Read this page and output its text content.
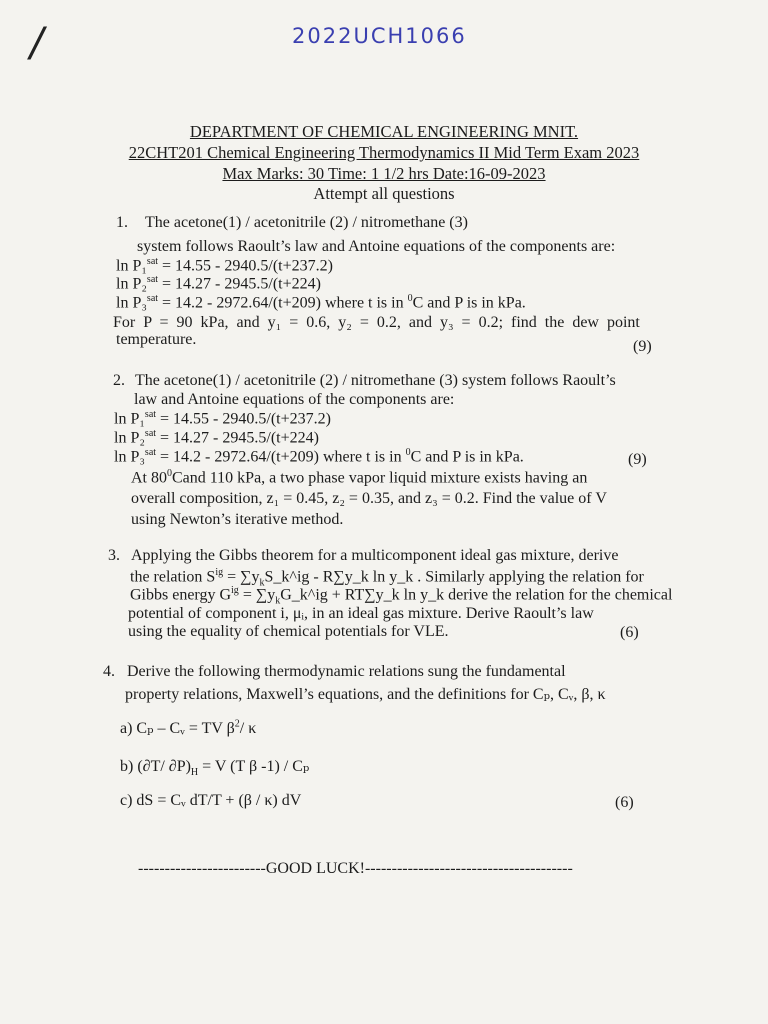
/	2022UCH1066
DEPARTMENT OF CHEMICAL ENGINEERING MNIT.
22CHT201 Chemical Engineering Thermodynamics II Mid Term Exam 2023
Max Marks: 30 Time: 1 1/2 hrs Date:16-09-2023
Attempt all questions
1. The acetone(1) / acetonitrile (2) / nitromethane (3)
system follows Raoult’s law and Antoine equations of the components are:
ln P₁$^{sat}$ = 14.55 - 2940.5/(t+237.2)
ln P₂$^{sat}$ = 14.27 - 2945.5/(t+224)
ln P₃$^{sat}$ = 14.2 - 2972.64/(t+209) where t is in $^0$C and P is in kPa.
For P = 90 kPa, and y₁ = 0.6, y₂ = 0.2, and y₃ = 0.2; find the dew point
temperature.	(9)
2. The acetone(1) / acetonitrile (2) / nitromethane (3) system follows Raoult’s
law and Antoine equations of the components are:
ln P₁$^{sat}$ = 14.55 - 2940.5/(t+237.2)
ln P₂$^{sat}$ = 14.27 - 2945.5/(t+224)
ln P₃$^{sat}$ = 14.2 - 2972.64/(t+209) where t is in $^0$C and P is in kPa.	(9)
At $80^0Cand$ 110 kPa, a two phase vapor liquid mixture exists having an
overall composition, z₁ = 0.45, z₂ = 0.35, and z₃ = 0.2. Find the value of V
using Newton’s iterative method.
3. Applying the Gibbs theorem for a multicomponent ideal gas mixture, derive
the relation $S^{ig}$ = $\sum y_kS\_k\^{}ig$ - R∑y_k ln y_k . Similarly applying the relation for
Gibbs energy $G^{ig}$ = $\sum y_kG\_k\^{}ig$ + RT∑y_k ln y_k derive the relation for the chemical
potential of component i, μᵢ, in an ideal gas mixture. Derive Raoult’s law
using the equality of chemical potentials for VLE.	(6)
4. Derive the following thermodynamic relations sung the fundamental
property relations, Maxwell’s equations, and the definitions for Cₚ, Cᵥ, β, κ
a) Cₚ – Cᵥ = TV $\beta^2/$ κ
b) (∂T/ $\partial P)_H = V$ (T β -1) / Cₚ
c) dS = Cᵥ dT/T + (β / κ) dV	(6)
------------------------GOOD LUCK!---------------------------------------
